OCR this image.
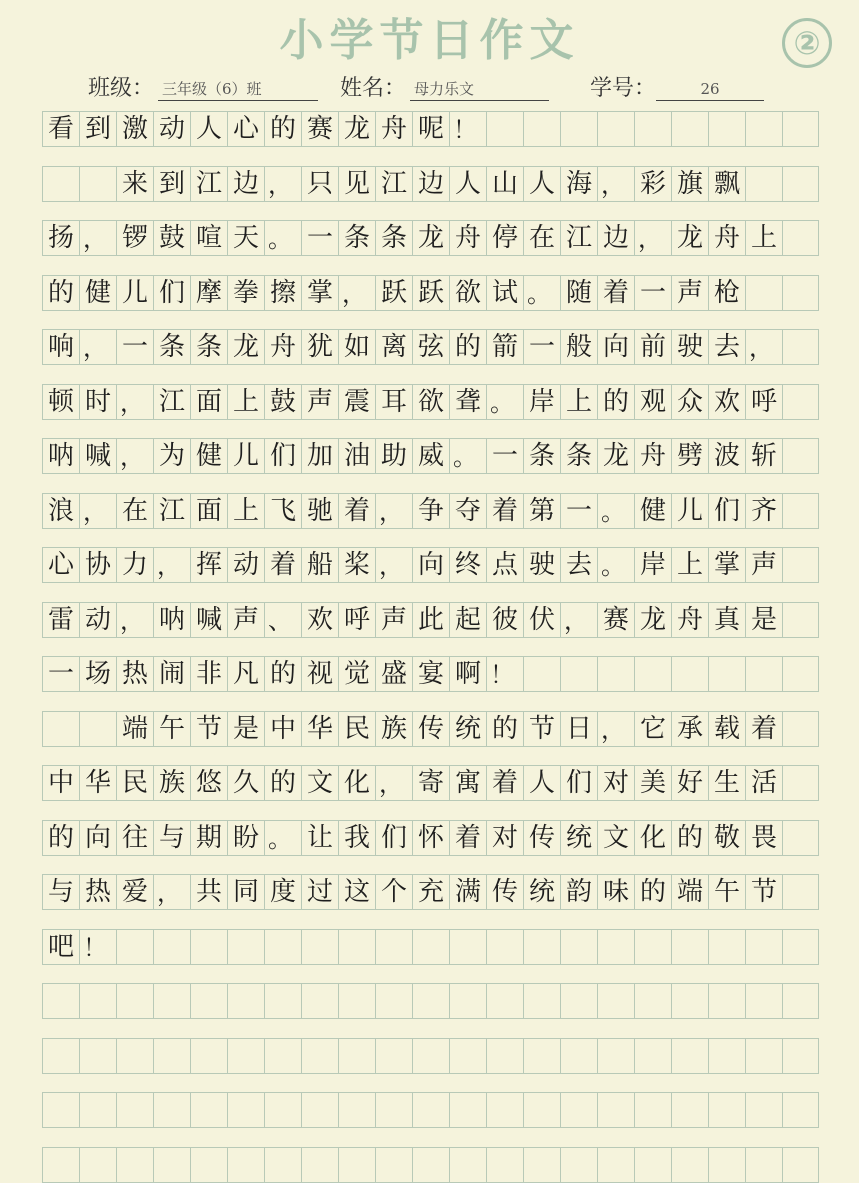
小学节日作文	②
班级： 三年级（6）班	姓名： 母力乐文	学号：	26
看 到 激 动 人 心 的 赛 龙 舟 呢 ！
来 到 江 边 ， 只 见 江 边 人 山 人 海 ， 彩 旗 飘
扬 ， 锣 鼓 喧 天 。 一 条 条 龙 舟 停 在 江 边 ， 龙 舟 上
的 健 儿 们 摩 拳 擦 掌 ， 跃 跃 欲 试 。 随 着 一 声 枪
响 ， 一 条 条 龙 舟 犹 如 离 弦 的 箭 一 般 向 前 驶 去 ，
顿 时 ， 江 面 上 鼓 声 震 耳 欲 聋 。 岸 上 的 观 众 欢 呼
呐 喊 ， 为 健 儿 们 加 油 助 威 。 一 条 条 龙 舟 劈 波 斩
浪 ， 在 江 面 上 飞 驰 着 ， 争 夺 着 第 一 。 健 儿 们 齐
心 协 力 ， 挥 动 着 船 桨 ， 向 终 点 驶 去 。 岸 上 掌 声
雷 动 ， 呐 喊 声 、 欢 呼 声 此 起 彼 伏 ， 赛 龙 舟 真 是
一 场 热 闹 非 凡 的 视 觉 盛 宴 啊 ！
端 午 节 是 中 华 民 族 传 统 的 节 日 ， 它 承 载 着
中 华 民 族 悠 久 的 文 化 ， 寄 寓 着 人 们 对 美 好 生 活
的 向 往 与 期 盼 。 让 我 们 怀 着 对 传 统 文 化 的 敬 畏
与 热 爱 ， 共 同 度 过 这 个 充 满 传 统 韵 味 的 端 午 节
吧 ！
